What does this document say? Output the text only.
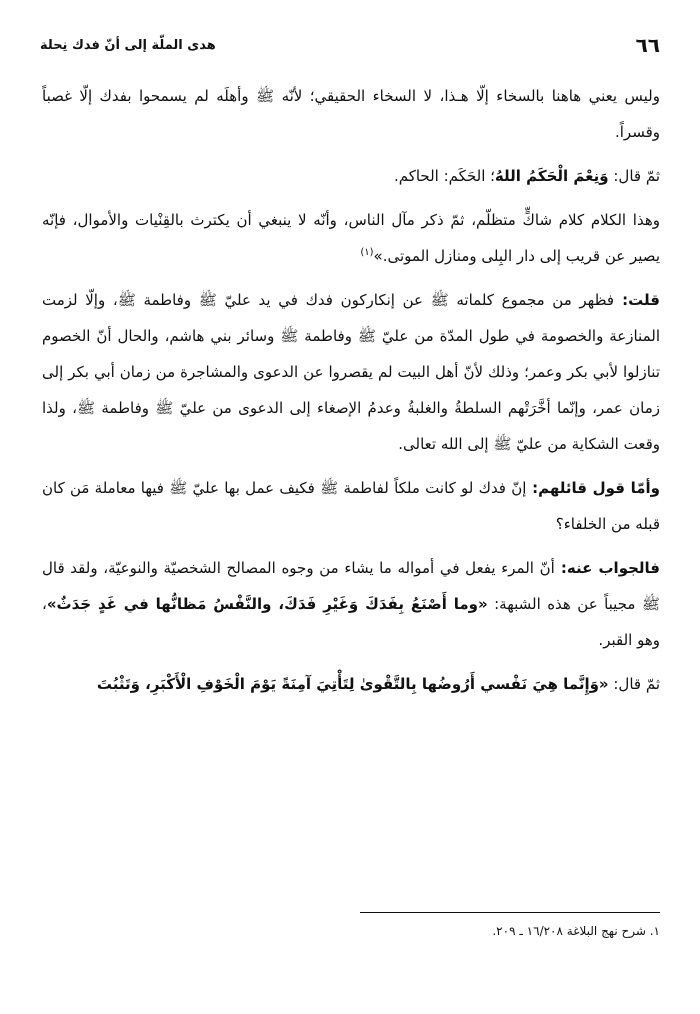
٦٦
هدى الملّة إلى أنّ فدك نِحلة

وليس يعني هاهنا بالسخاء إلّا هـذا، لا السخاء الحقيقي؛ لأنّه ﷺ وأهلَه لم يسمحوا بفدك إلّا غصباً وقسراً.

ثمّ قال: وَنِعْمَ الْحَكَمُ اللهُ؛ الحَكَم: الحاكم.

وهذا الكلام كلام شاكٍّ متظلّم، ثمّ ذكر مآل الناس، وأنّه لا ينبغي أن يكترث بالقِنْيات والأموال، فإنّه يصير عن قريب إلى دار البِلى ومنازل الموتى.»$^{(١)}$

قلت: فظهر من مجموع كلماته ﷺ عن إنكاركون فدك في يد عليّ ﷺ وفاطمة ﷺ، وإلّا لزمت المنازعة والخصومة في طول المدّة من عليّ ﷺ وفاطمة ﷺ وسائر بني هاشم، والحال أنّ الخصوم تنازلوا لأبي بكر وعمر؛ وذلك لأنّ أهل البيت لم يقصروا عن الدعوى والمشاجرة من زمان أبي بكر إلى زمان عمر، وإنّما أخَّرَتْهم السلطةُ والغلبةُ وعدمُ الإصغاء إلى الدعوى من عليّ ﷺ وفاطمة ﷺ، ولذا وقعت الشكاية من عليّ ﷺ إلى الله تعالى.

وأمّا قول قائلهم: إنّ فدك لو كانت ملكاً لفاطمة ﷺ فكيف عمل بها عليّ ﷺ فيها معاملة مَن كان قبله من الخلفاء؟

فالجواب عنه: أنّ المرء يفعل في أمواله ما يشاء من وجوه المصالح الشخصيّة والنوعيّة، ولقد قال ﷺ مجيباً عن هذه الشبهة: «وما أَصْنَعُ بِفَدَكَ وَغَيْرِ فَدَكَ، والنَّفْسُ مَظانُّها في غَدٍ جَدَثٌ»، وهو القبر.

ثمّ قال: «وَإِنَّما هِيَ نَفْسي أَرُوضُها بِالتَّقْوىٰ لِتَأْتِيَ آمِنَةً يَوْمَ الْخَوْفِ الْأَكْبَرِ، وَتَثْبُتَ

١. شرح نهج البلاغة ١٦/٢٠٨ ـ ٢٠٩.
